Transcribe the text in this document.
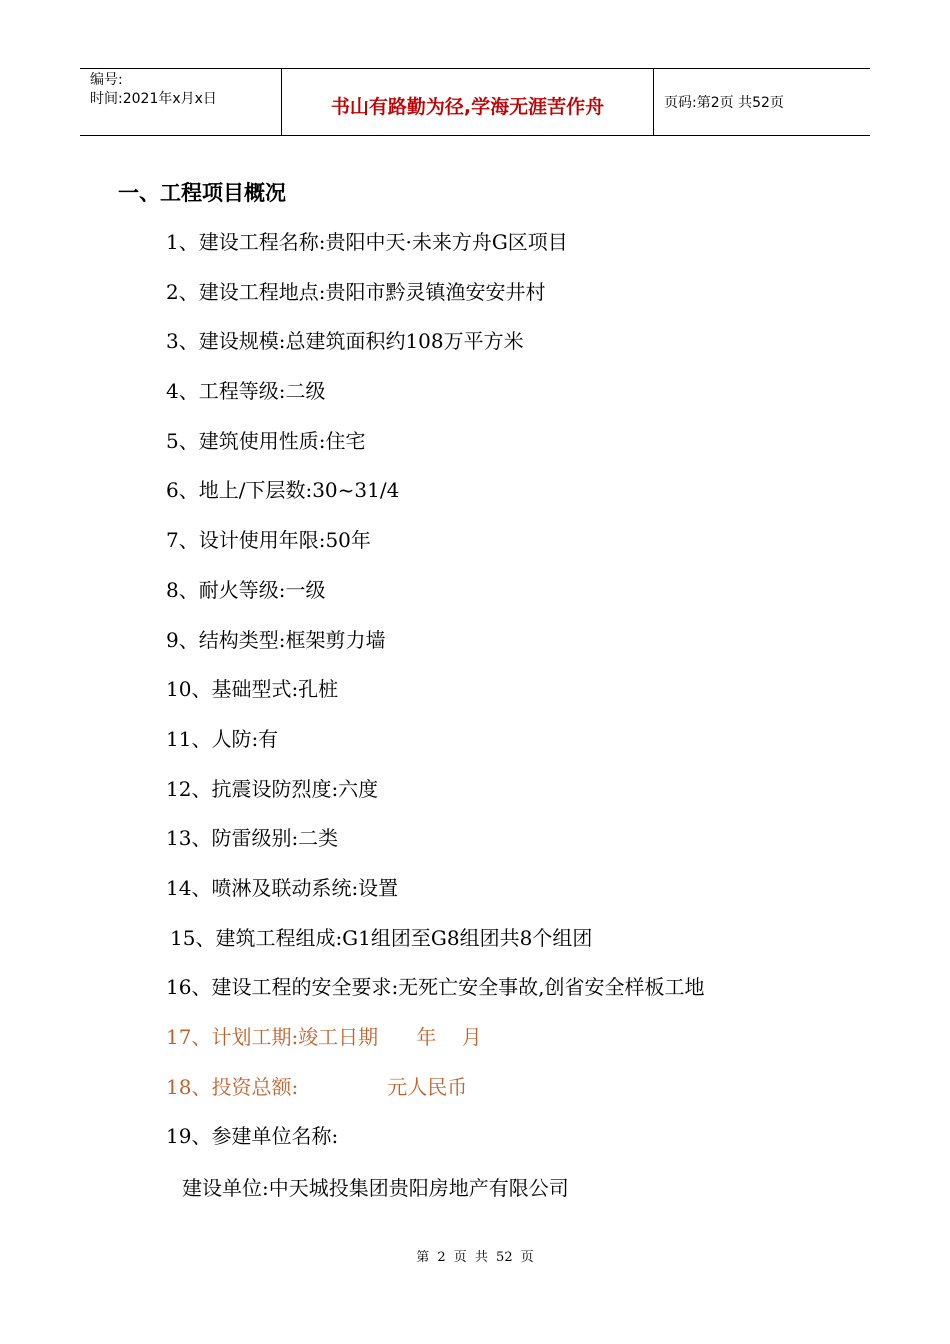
编号:
时间:2021年x月x日	书山有路勤为径,学海无涯苦作舟	页码:第2页 共52页
一、工程项目概况
1、建设工程名称:贵阳中天·未来方舟G区项目
2、建设工程地点:贵阳市黔灵镇渔安安井村
3、建设规模:总建筑面积约108万平方米
4、工程等级:二级
5、建筑使用性质:住宅
6、地上/下层数:30~31/4
7、设计使用年限:50年
8、耐火等级:一级
9、结构类型:框架剪力墙
10、基础型式:孔桩
11、人防:有
12、抗震设防烈度:六度
13、防雷级别:二类
14、喷淋及联动系统:设置
15、建筑工程组成:G1组团至G8组团共8个组团
16、建设工程的安全要求:无死亡安全事故,创省安全样板工地
17、计划工期:竣工日期      年    月
18、投资总额:              元人民币
19、参建单位名称:
建设单位:中天城投集团贵阳房地产有限公司
第 2 页 共 52 页
